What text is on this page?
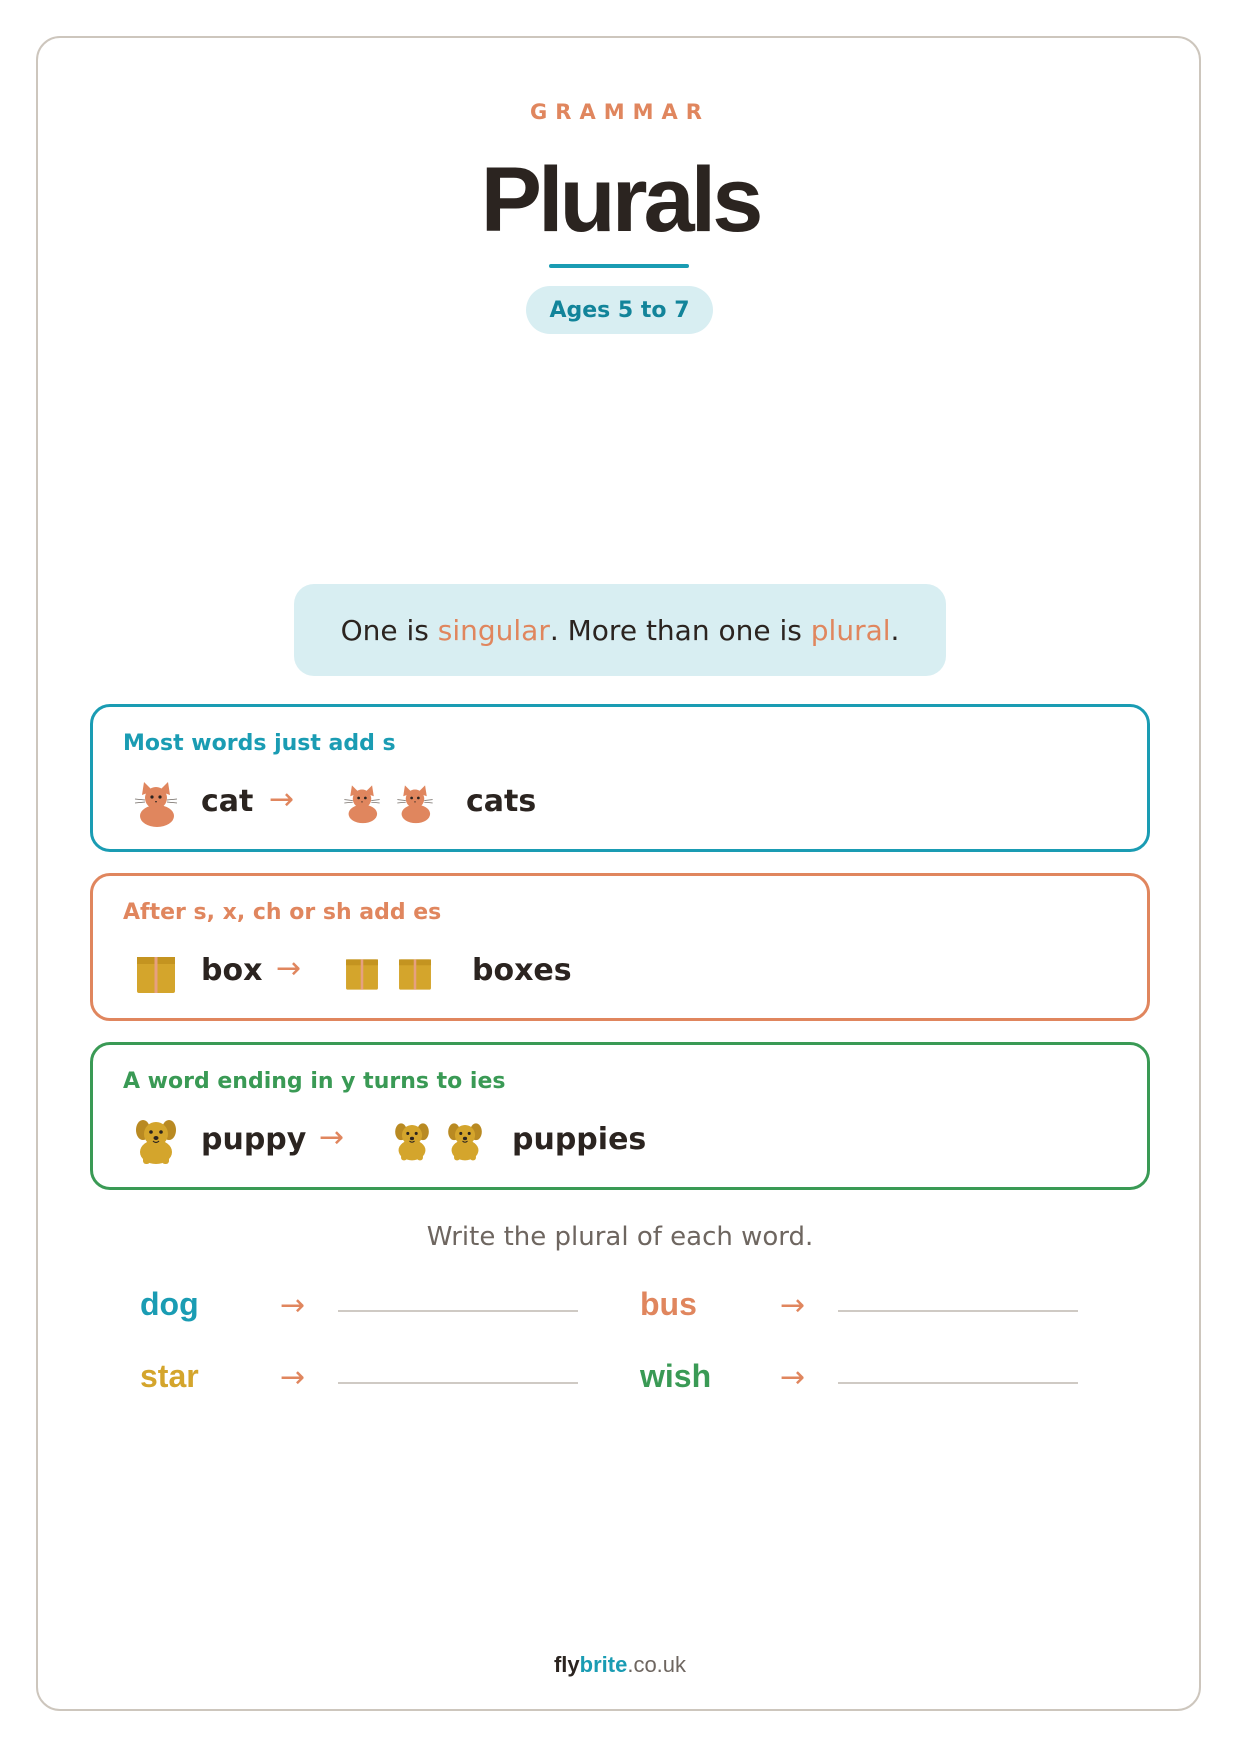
GRAMMAR
Plurals
Ages 5 to 7
One is singular . More than one is plural .
Most words just add s
cat →	cats
After s, x, ch or sh add es
box →	boxes
A word ending in y turns to ies
puppy →	puppies
Write the plural of each word.
dog	→	bus	→
star	→	wish →
flybrite.co.uk
